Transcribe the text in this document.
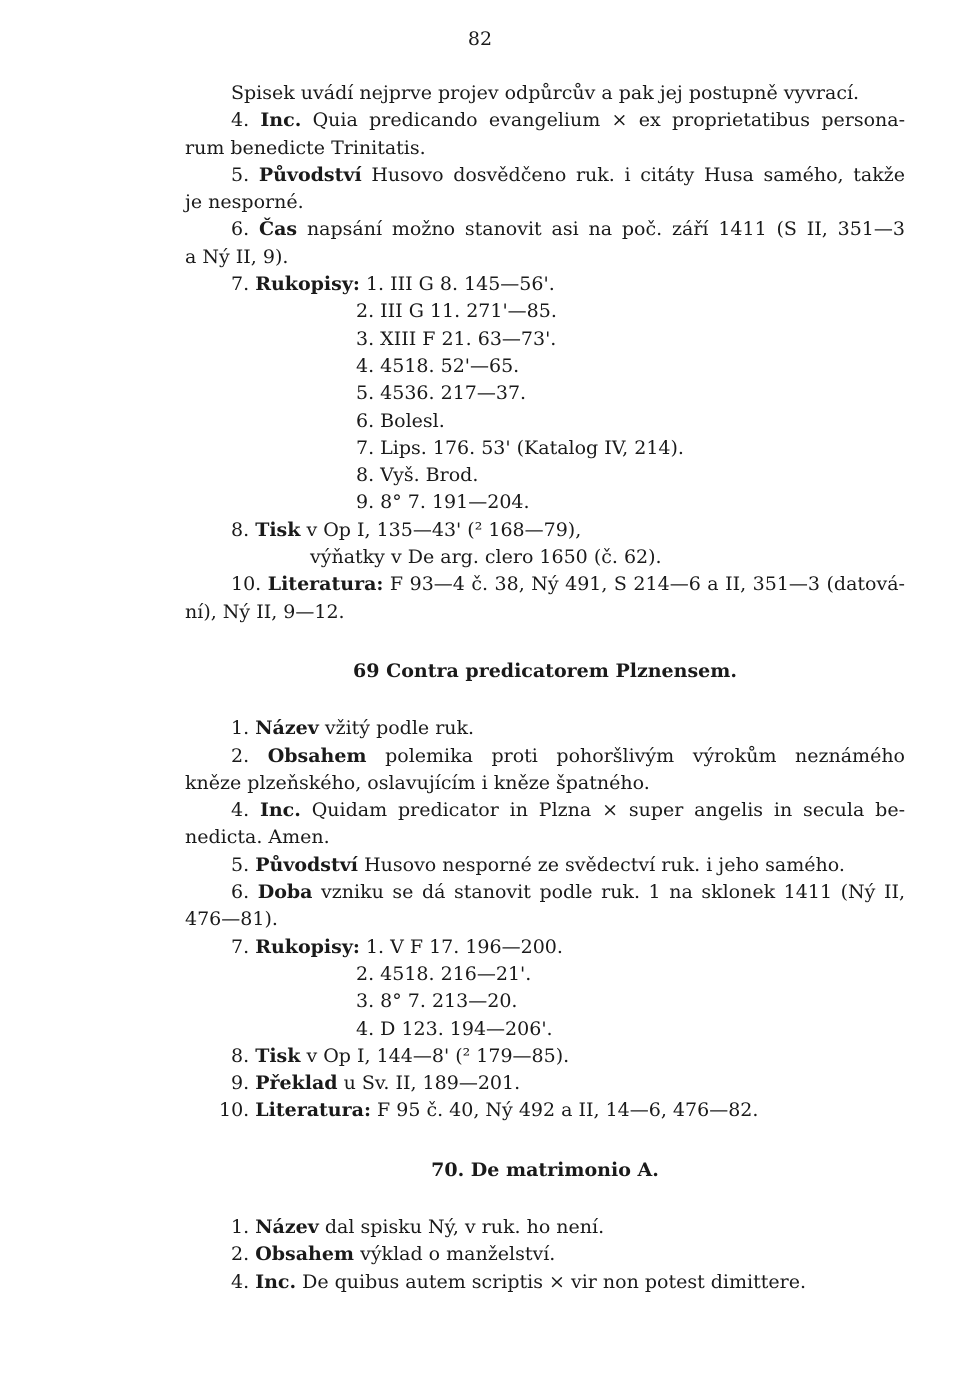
82
Spisek uvádí nejprve projev odpůrcův a pak jej postupně vyvrací.
4. Inc. Quia predicando evangelium × ex proprietatibus persona-
rum benedicte Trinitatis.
5. Původství Husovo dosvědčeno ruk. i citáty Husa samého, takže
je nesporné.
6. Čas napsání možno stanovit asi na poč. září 1411 (S II, 351—3
a Ný II, 9).
7. Rukopisy: 1. III G 8. 145—56'.
2. III G 11. 271'—85.
3. XIII F 21. 63—73'.
4. 4518. 52'—65.
5. 4536. 217—37.
6. Bolesl.
7. Lips. 176. 53' (Katalog IV, 214).
8. Vyš. Brod.
9. 8° 7. 191—204.
8. Tisk v Op I, 135—43' (² 168—79),
výňatky v De arg. clero 1650 (č. 62).
10. Literatura: F 93—4 č. 38, Ný 491, S 214—6 a II, 351—3 (datová-
ní), Ný II, 9—12.
69 Contra predicatorem Plznensem.
1. Název vžitý podle ruk.
2. Obsahem polemika proti pohoršlivým výrokům neznámého
kněze plzeňského, oslavujícím i kněze špatného.
4. Inc. Quidam predicator in Plzna × super angelis in secula be-
nedicta. Amen.
5. Původství Husovo nesporné ze svědectví ruk. i jeho samého.
6. Doba vzniku se dá stanovit podle ruk. 1 na sklonek 1411 (Ný II,
476—81).
7. Rukopisy: 1. V F 17. 196—200.
2. 4518. 216—21'.
3. 8° 7. 213—20.
4. D 123. 194—206'.
8. Tisk v Op I, 144—8' (² 179—85).
9. Překlad u Sv. II, 189—201.
10. Literatura: F 95 č. 40, Ný 492 a II, 14—6, 476—82.
70. De matrimonio A.
1. Název dal spisku Ný, v ruk. ho není.
2. Obsahem výklad o manželství.
4. Inc. De quibus autem scriptis × vir non potest dimittere.
